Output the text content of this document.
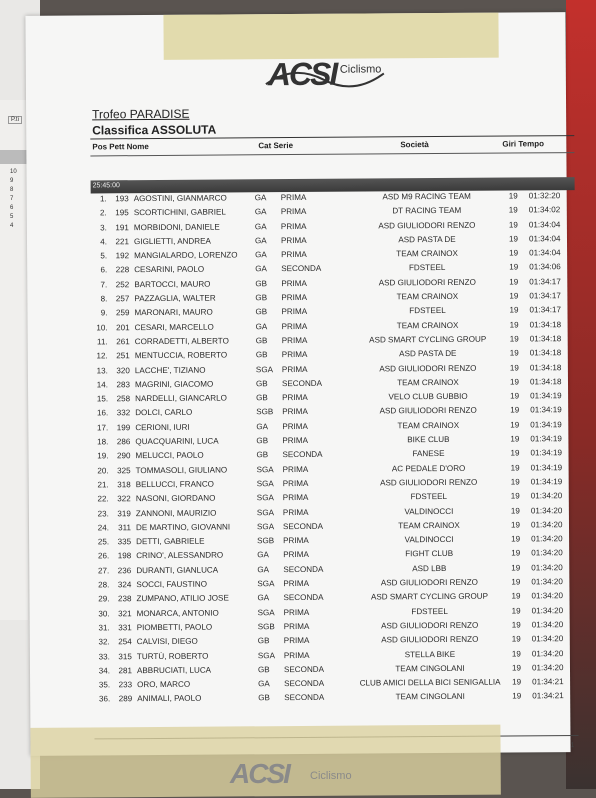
P.ti
10
9
8
7
6
5
4
ACSI Ciclismo
Trofeo PARADISE
Classifica ASSOLUTA
Pos Pett Nome	Cat Serie	Società	Giri Tempo
25:45:00
1.	193 AGOSTINI, GIANMARCO	GA PRIMA	ASD M9 RACING TEAM	19 01:32:20
2.	195 SCORTICHINI, GABRIEL	GA PRIMA	DT RACING TEAM	19 01:34:02
3.	191 MORBIDONI, DANIELE	GA PRIMA	ASD GIULIODORI RENZO	19 01:34:04
4.	221 GIGLIETTI, ANDREA	GA PRIMA	ASD PASTA DE	19 01:34:04
5.	192 MANGIALARDO, LORENZO GA PRIMA	TEAM CRAINOX	19 01:34:04
6.	228 CESARINI, PAOLO	GA SECONDA	FDSTEEL	19 01:34:06
7.	252 BARTOCCI, MAURO	GB PRIMA	ASD GIULIODORI RENZO	19 01:34:17
8.	257 PAZZAGLIA, WALTER	GB PRIMA	TEAM CRAINOX	19 01:34:17
9.	259 MARONARI, MAURO	GB PRIMA	FDSTEEL	19 01:34:17
10.	201 CESARI, MARCELLO	GA PRIMA	TEAM CRAINOX	19 01:34:18
11.	261 CORRADETTI, ALBERTO	GB PRIMA	ASD SMART CYCLING GROUP	19 01:34:18
12.	251 MENTUCCIA, ROBERTO	GB PRIMA	ASD PASTA DE	19 01:34:18
13.	320 LACCHE', TIZIANO	SGA PRIMA	ASD GIULIODORI RENZO	19 01:34:18
14.	283 MAGRINI, GIACOMO	GB SECONDA	TEAM CRAINOX	19 01:34:18
15.	258 NARDELLI, GIANCARLO	GB PRIMA	VELO CLUB GUBBIO	19 01:34:19
16.	332 DOLCI, CARLO	SGB PRIMA	ASD GIULIODORI RENZO	19 01:34:19
17.	199 CERIONI, IURI	GA PRIMA	TEAM CRAINOX	19 01:34:19
18.	286 QUACQUARINI, LUCA	GB PRIMA	BIKE CLUB	19 01:34:19
19.	290 MELUCCI, PAOLO	GB SECONDA	FANESE	19 01:34:19
20.	325 TOMMASOLI, GIULIANO	SGA PRIMA	AC PEDALE D'ORO	19 01:34:19
21.	318 BELLUCCI, FRANCO	SGA PRIMA	ASD GIULIODORI RENZO	19 01:34:19
22.	322 NASONI, GIORDANO	SGA PRIMA	FDSTEEL	19 01:34:20
23.	319 ZANNONI, MAURIZIO	SGA PRIMA	VALDINOCCI	19 01:34:20
24.	311 DE MARTINO, GIOVANNI	SGA SECONDA	TEAM CRAINOX	19 01:34:20
25.	335 DETTI, GABRIELE	SGB PRIMA	VALDINOCCI	19 01:34:20
26.	198 CRINO', ALESSANDRO	GA PRIMA	FIGHT CLUB	19 01:34:20
27.	236 DURANTI, GIANLUCA	GA SECONDA	ASD LBB	19 01:34:20
28.	324 SOCCI, FAUSTINO	SGA PRIMA	ASD GIULIODORI RENZO	19 01:34:20
29.	238 ZUMPANO, ATILIO JOSE	GA SECONDA	ASD SMART CYCLING GROUP	19 01:34:20
30.	321 MONARCA, ANTONIO	SGA PRIMA	FDSTEEL	19 01:34:20
31.	331 PIOMBETTI, PAOLO	SGB PRIMA	ASD GIULIODORI RENZO	19 01:34:20
32.	254 CALVISI, DIEGO	GB PRIMA	ASD GIULIODORI RENZO	19 01:34:20
33.	315 TURTÙ, ROBERTO	SGA PRIMA	STELLA BIKE	19 01:34:20
34.	281 ABBRUCIATI, LUCA	GB SECONDA	TEAM CINGOLANI	19 01:34:20
35.	233 ORO, MARCO	GA SECONDA	CLUB AMICI DELLA BICI SENIGALLIA	19 01:34:21
36.	289 ANIMALI, PAOLO	GB SECONDA	TEAM CINGOLANI	19 01:34:21
1
ACSI Ciclismo
